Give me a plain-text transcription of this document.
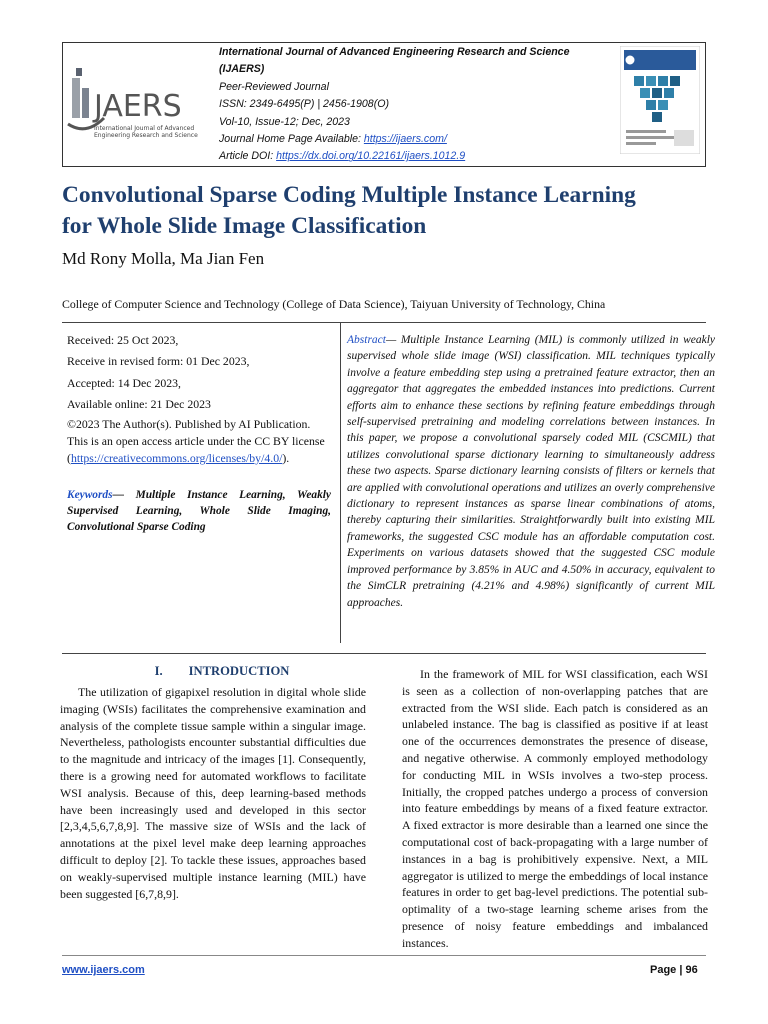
JAERS
International Journal of Advanced
Engineering Research and Science
International Journal of Advanced Engineering Research and Science
(IJAERS)
Peer-Reviewed Journal
ISSN: 2349-6495(P) | 2456-1908(O)
Vol-10, Issue-12; Dec, 2023
Journal Home Page Available: https://ijaers.com/
Article DOI: https://dx.doi.org/10.22161/ijaers.1012.9
Convolutional Sparse Coding Multiple Instance Learning
for Whole Slide Image Classification
Md Rony Molla, Ma Jian Fen
College of Computer Science and Technology (College of Data Science), Taiyuan University of Technology, China
Received: 25 Oct 2023,
Receive in revised form: 01 Dec 2023,
Accepted: 14 Dec 2023,
Available online: 21 Dec 2023
©2023 The Author(s). Published by AI Publication. This is an open access article under the CC BY license (https://creativecommons.org/licenses/by/4.0/).
Keywords— Multiple Instance Learning, Weakly Supervised Learning, Whole Slide Imaging, Convolutional Sparse Coding
Abstract— Multiple Instance Learning (MIL) is commonly utilized in weakly supervised whole slide image (WSI) classification. MIL techniques typically involve a feature embedding step using a pretrained feature extractor, then an aggregator that aggregates the embedded instances into predictions. Current efforts aim to enhance these sections by refining feature embeddings through self-supervised pretraining and modeling correlations between instances. In this paper, we propose a convolutional sparsely coded MIL (CSCMIL) that utilizes convolutional sparse dictionary learning to simultaneously address these two aspects. Sparse dictionary learning consists of filters or kernels that are applied with convolutional operations and utilizes an overly comprehensive dictionary to represent instances as sparse linear combinations of atoms, thereby capturing their similarities. Straightforwardly built into existing MIL frameworks, the suggested CSC module has an affordable computation cost. Experiments on various datasets showed that the suggested CSC module improved performance by 3.85% in AUC and 4.50% in accuracy, equivalent to the SimCLR pretraining (4.21% and 4.98%) significantly of current MIL approaches.
I. INTRODUCTION
The utilization of gigapixel resolution in digital whole slide imaging (WSIs) facilitates the comprehensive examination and analysis of the complete tissue sample within a singular image. Nevertheless, pathologists encounter substantial difficulties due to the magnitude and intricacy of the images [1]. Consequently, there is a growing need for automated workflows to facilitate WSI analysis. Because of this, deep learning-based methods have been increasingly used and developed in this sector [2,3,4,5,6,7,8,9]. The massive size of WSIs and the lack of annotations at the pixel level make deep learning approaches difficult to deploy [2]. To tackle these issues, approaches based on weakly-supervised multiple instance learning (MIL) have been suggested [6,7,8,9].
In the framework of MIL for WSI classification, each WSI is seen as a collection of non-overlapping patches that are extracted from the WSI slide. Each patch is considered as an unlabeled instance. The bag is classified as positive if at least one of the occurrences demonstrates the presence of disease, and negative otherwise. A commonly employed methodology for conducting MIL in WSIs involves a two-step process. Initially, the cropped patches undergo a process of conversion into feature embeddings by means of a fixed feature extractor. A fixed extractor is more desirable than a learned one since the computational cost of back-propagating with a large number of instances in a bag is prohibitively expensive. Next, a MIL aggregator is utilized to merge the embeddings of local instance features in order to get bag-level predictions. The potential sub-optimality of a two-stage learning scheme arises from the presence of noisy feature embeddings and imbalanced instances.
www.ijaers.com	Page | 96
